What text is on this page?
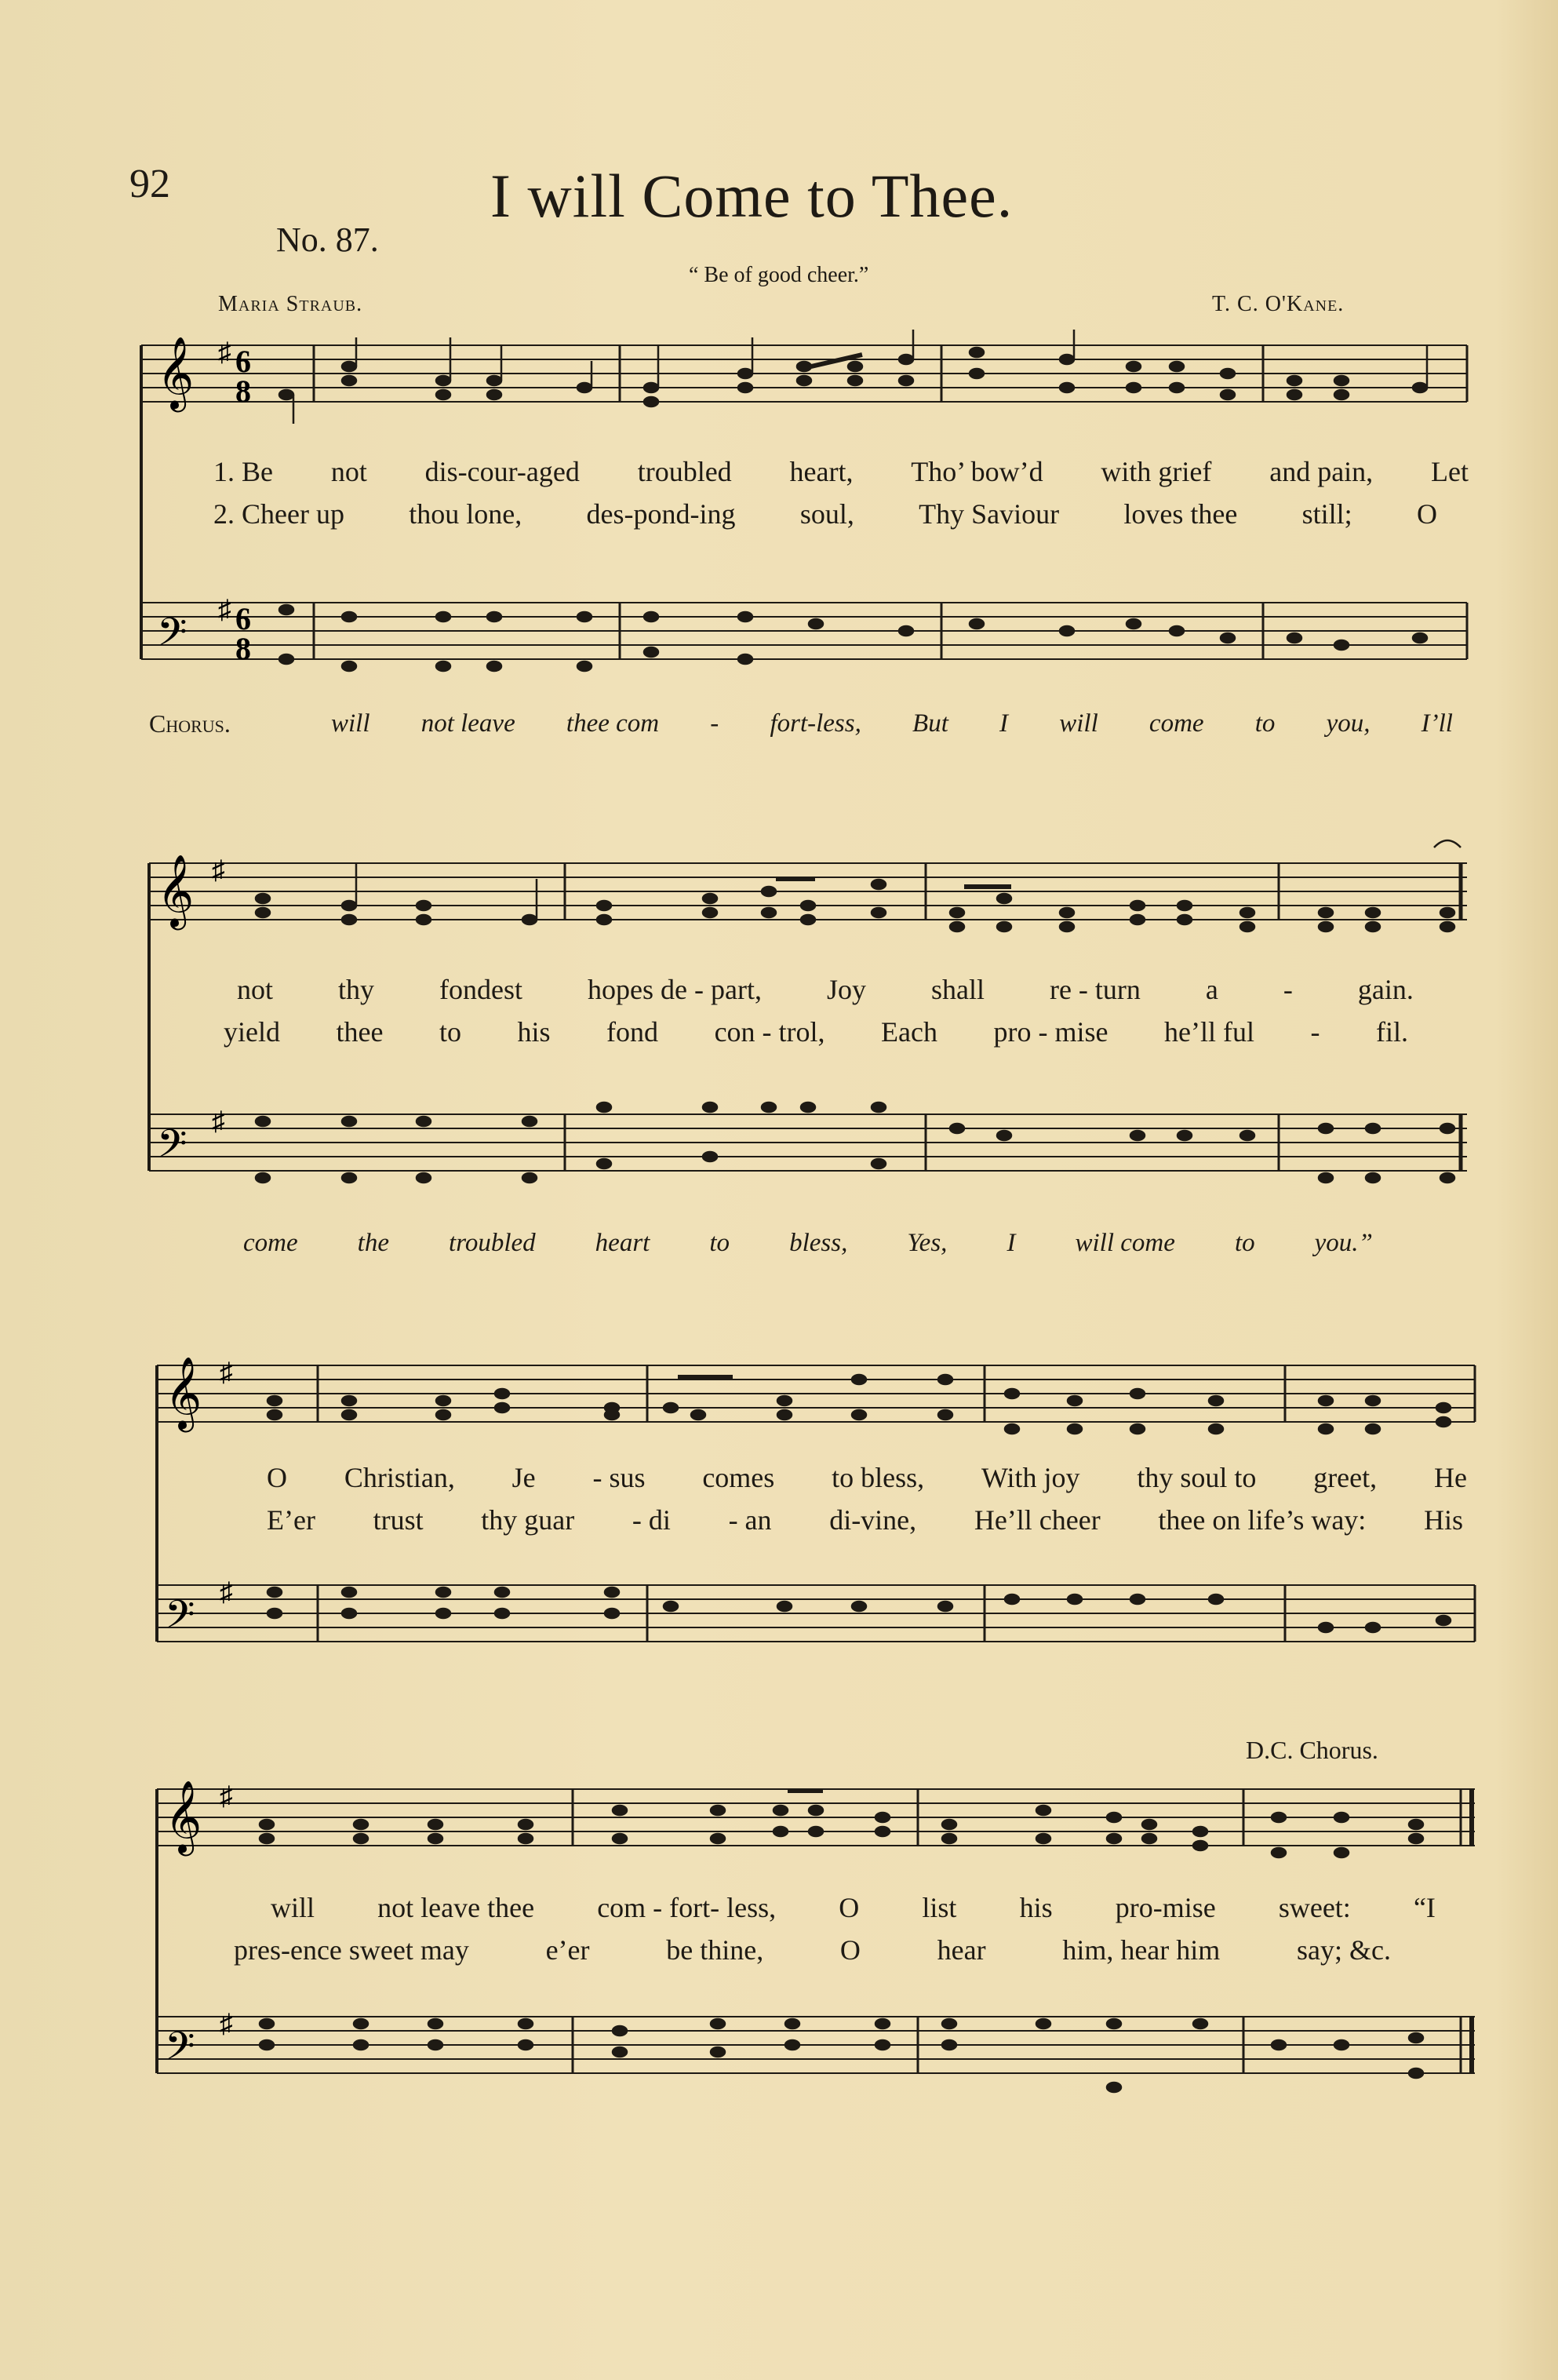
92	I will Come to Thee.
No. 87.
“ Be of good cheer.”
Maria Straub.	T. C. O'Kane.
𝄞
𝄢
♯
♯
6
8
6
8
1. Be not dis-cour-aged troubled heart, Tho’ bow’d with grief and pain, Let
2. Cheer up thou lone, des-pond-ing soul, Thy Saviour loves thee still; O
Chorus.	will not leave thee com - fort-less, But I will come to you, I’ll
𝄞
𝄢
♯
♯
not thy fondest hopes de - part, Joy shall re - turn a - gain.
yield thee to his fond con - trol, Each pro - mise he’ll ful - fil.
come the troubled heart to bless, Yes, I will come to you.”
𝄞
𝄢
♯
♯
O Christian, Je - sus comes to bless, With joy thy soul to greet, He
E’er trust thy guar - di - an di-vine, He’ll cheer thee on life’s way: His
D.C. Chorus.
𝄞
𝄢
♯
♯
will not leave thee com - fort- less, O list his pro-mise sweet: “I
pres-ence sweet may	e’er	be thine,	O	hear	him, hear him	say; &c.
